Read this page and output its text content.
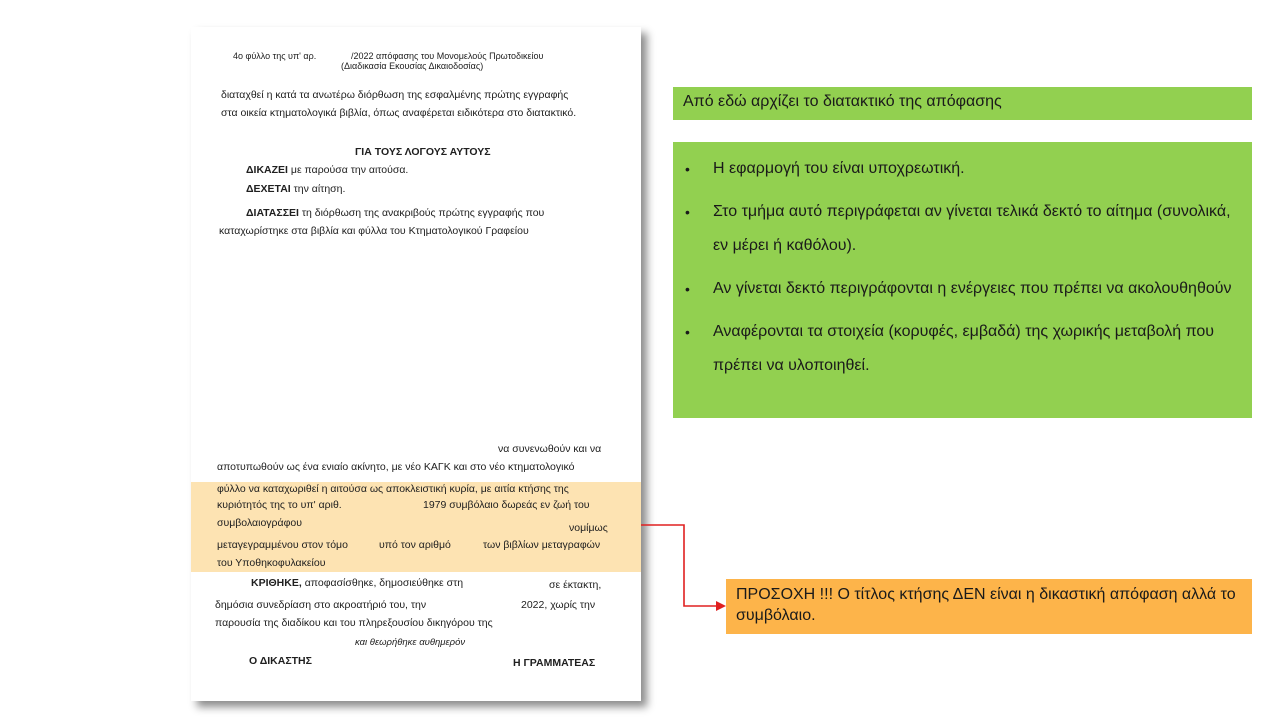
4ο φύλλο της υπ' αρ.	/2022 απόφασης του Μονομελούς Πρωτοδικείου
(Διαδικασία Εκουσίας Δικαιοδοσίας)
διαταχθεί η κατά τα ανωτέρω διόρθωση της εσφαλμένης πρώτης εγγραφής
στα οικεία κτηματολογικά βιβλία, όπως αναφέρεται ειδικότερα στο διατακτικό.
ΓΙΑ ΤΟΥΣ ΛΟΓΟΥΣ ΑΥΤΟΥΣ
ΔΙΚΑΖΕΙ με παρούσα την αιτούσα.
ΔΕΧΕΤΑΙ την αίτηση.
ΔΙΑΤΑΣΣΕΙ τη διόρθωση της ανακριβούς πρώτης εγγραφής που
καταχωρίστηκε στα βιβλία και φύλλα του Κτηματολογικού Γραφείου
να συνενωθούν και να
αποτυπωθούν ως ένα ενιαίο ακίνητο, με νέο ΚΑΓΚ και στο νέο κτηματολογικό
φύλλο να καταχωριθεί η αιτούσα ως αποκλειστική κυρία, με αιτία κτήσης της
κυριότητός της το υπ' αριθ.	1979 συμβόλαιο δωρεάς εν ζωή του
συμβολαιογράφου	νομίμως
μεταγεγραμμένου στον τόμο	υπό τον αριθμό	των βιβλίων μεταγραφών
του Υποθηκοφυλακείου
ΚΡΙΘΗΚΕ, αποφασίσθηκε, δημοσιεύθηκε στη	σε έκτακτη,
δημόσια συνεδρίαση στο ακροατήριό του, την	2022, χωρίς την
παρουσία της διαδίκου και του πληρεξουσίου δικηγόρου της
και θεωρήθηκε αυθημερόν
Ο ΔΙΚΑΣΤΗΣ	Η ΓΡΑΜΜΑΤΕΑΣ
Από εδώ αρχίζει το διατακτικό της απόφασης
• Η εφαρμογή του είναι υποχρεωτική.
• Στο τμήμα αυτό περιγράφεται αν γίνεται τελικά δεκτό το αίτημα (συνολικά, εν μέρει ή καθόλου).
• Αν γίνεται δεκτό περιγράφονται η ενέργειες που πρέπει να ακολουθηθούν
• Αναφέρονται τα στοιχεία (κορυφές, εμβαδά) της χωρικής μεταβολή που πρέπει να υλοποιηθεί.
ΠΡΟΣΟΧΗ !!! Ο τίτλος κτήσης ΔΕΝ είναι η δικαστική απόφαση αλλά το συμβόλαιο.
